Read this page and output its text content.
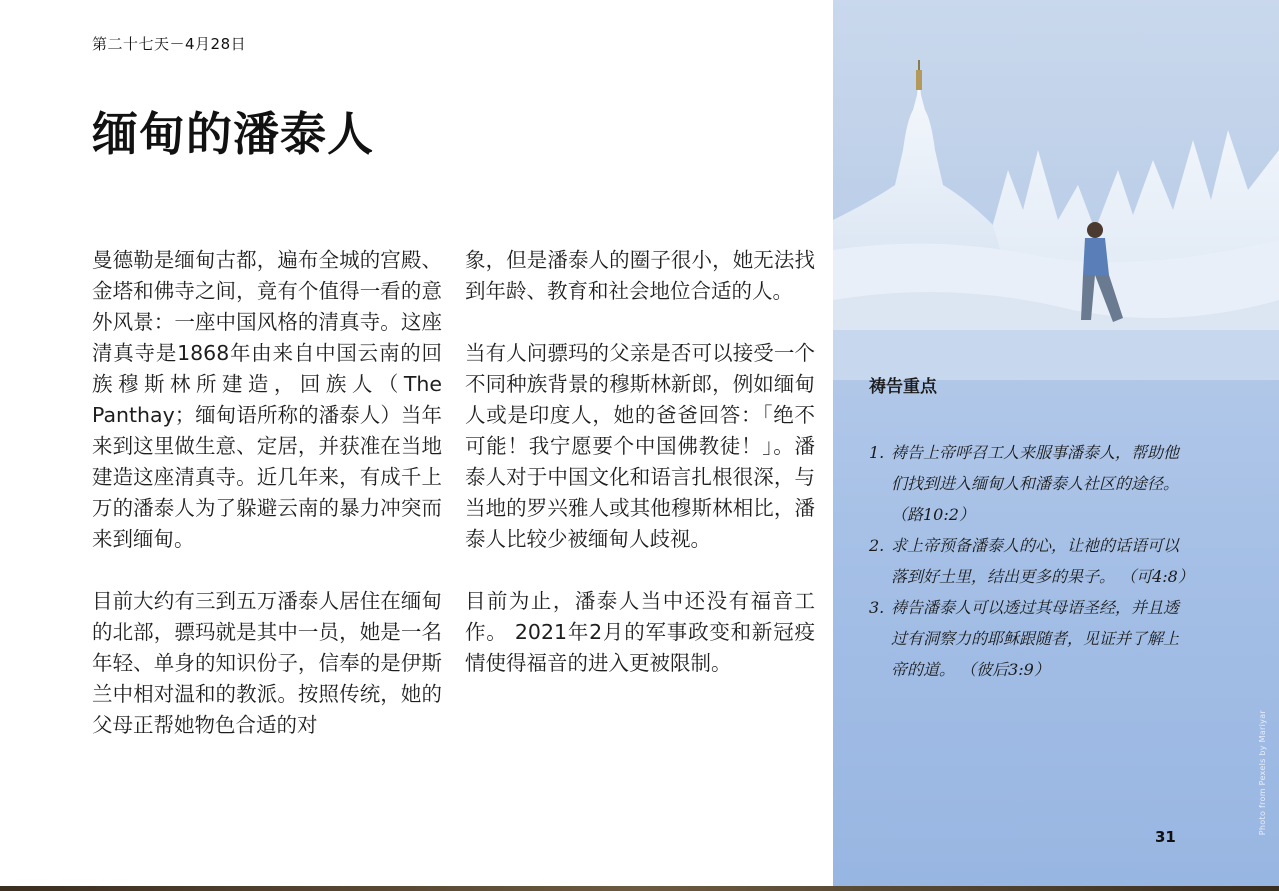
第二十七天－4月28日
缅甸的潘泰人

曼德勒是缅甸古都，遍布全城的宫殿、金塔和佛寺之间，竟有个值得一看的意外风景：一座中国风格的清真寺。这座清真寺是1868年由来自中国云南的回族穆斯林所建造，回族人（The Panthay；缅甸语所称的潘泰人）当年来到这里做生意、定居，并获准在当地建造这座清真寺。近几年来，有成千上万的潘泰人为了躲避云南的暴力冲突而来到缅甸。

目前大约有三到五万潘泰人居住在缅甸的北部，骠玛就是其中一员，她是一名年轻、单身的知识份子，信奉的是伊斯兰中相对温和的教派。按照传统，她的父母正帮她物色合适的对

象，但是潘泰人的圈子很小，她无法找到年龄、教育和社会地位合适的人。

当有人问骠玛的父亲是否可以接受一个不同种族背景的穆斯林新郎，例如缅甸人或是印度人，她的爸爸回答：「绝不可能！我宁愿要个中国佛教徒！」。潘泰人对于中国文化和语言扎根很深，与当地的罗兴雅人或其他穆斯林相比，潘泰人比较少被缅甸人歧视。

目前为止，潘泰人当中还没有福音工作。 2021年2月的军事政变和新冠疫情使得福音的进入更被限制。

祷告重点
1. 祷告上帝呼召工人来服事潘泰人，帮助他们找到进入缅甸人和潘泰人社区的途径。 （路10:2）
2. 求上帝预备潘泰人的心，让祂的话语可以落到好土里，结出更多的果子。 （可4:8）
3. 祷告潘泰人可以透过其母语圣经，并且透过有洞察力的耶稣跟随者，见证并了解上帝的道。 （彼后3:9）
Photo from Pexels by Mariyar
31
